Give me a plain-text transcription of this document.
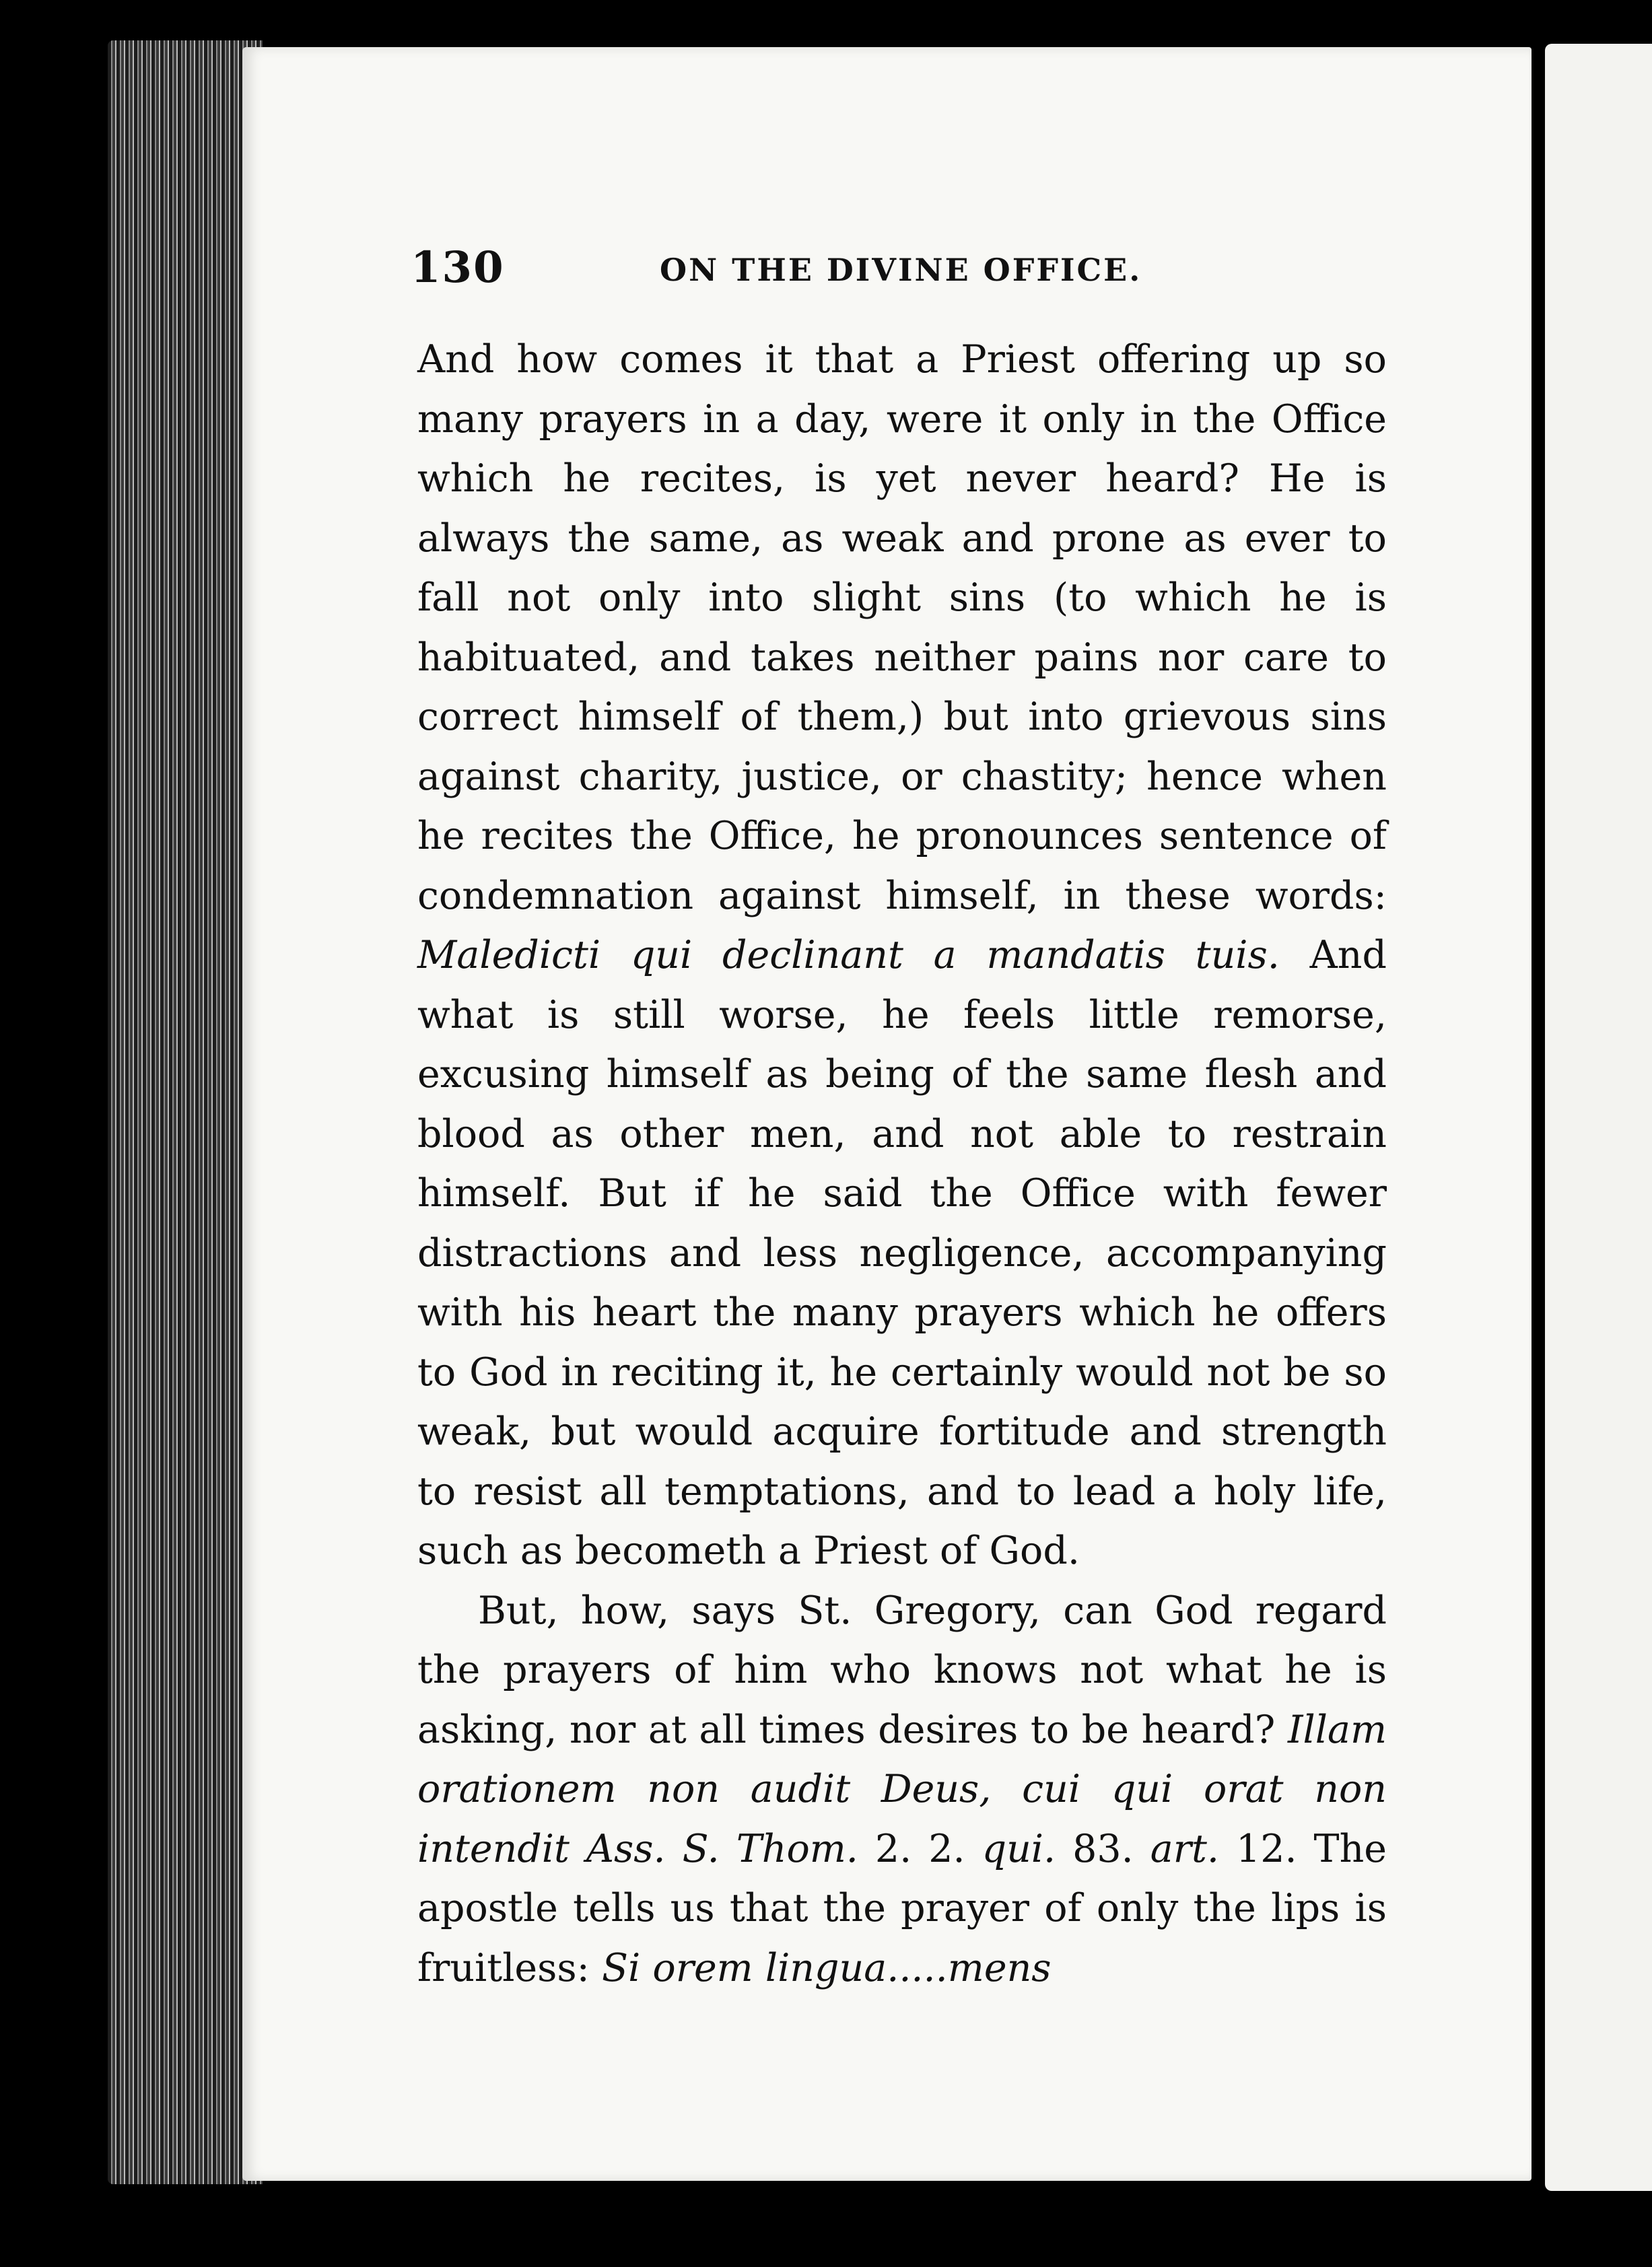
130	ON THE DIVINE OFFICE.

And how comes it that a Priest offering up so many prayers in a day, were it only in the Office which he recites, is yet never heard? He is always the same, as weak and prone as ever to fall not only into slight sins (to which he is habituated, and takes neither pains nor care to correct himself of them,) but into grievous sins against charity, justice, or chastity; hence when he recites the Office, he pronounces sentence of condemnation against himself, in these words: Maledicti qui declinant a mandatis tuis. And what is still worse, he feels little remorse, excusing himself as being of the same flesh and blood as other men, and not able to restrain himself. But if he said the Office with fewer distractions and less negligence, accompanying with his heart the many prayers which he offers to God in reciting it, he certainly would not be so weak, but would acquire fortitude and strength to resist all temptations, and to lead a holy life, such as becometh a Priest of God.

But, how, says St. Gregory, can God regard the prayers of him who knows not what he is asking, nor at all times desires to be heard? Illam orationem non audit Deus, cui qui orat non intendit Ass. S. Thom. 2. 2. qui. 83. art. 12. The apostle tells us that the prayer of only the lips is fruitless: Si orem lingua.....mens
